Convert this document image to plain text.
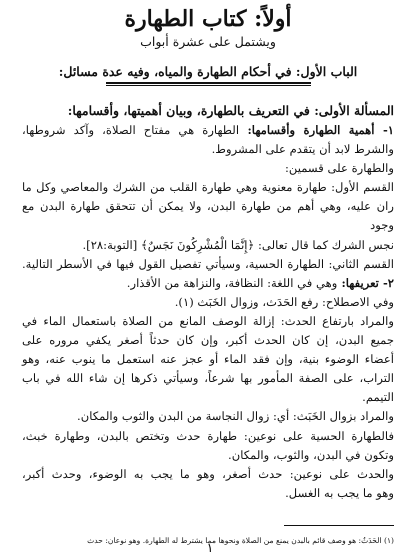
أولاً: كتاب الطهارة

ويشتمل على عشرة أبواب

الباب الأول: في أحكام الطهارة والمياه، وفيه عدة مسائل:

المسألة الأولى: في التعريف بالطهارة، وبيان أهميتها، وأقسامها:

١- أهمية الطهارة وأقسامها: الطهارة هي مفتاح الصلاة، وآكد شروطها،

والشرط لابد أن يتقدم على المشروط.

والطهارة على قسمين:

القسم الأول: طهارة معنوية وهي طهارة القلب من الشرك والمعاصي وكل ما

ران عليه، وهي أهم من طهارة البدن، ولا يمكن أن تتحقق طهارة البدن مع وجود

نجس الشرك كما قال تعالى: ﴿إِنَّمَا الْمُشْرِكُونَ نَجَسٌ﴾ [التوبة:٢٨].

القسم الثاني: الطهارة الحسية، وسيأتي تفصيل القول فيها في الأسطر التالية.

٢- تعريفها: وهي في اللغة: النظافة، والنزاهة من الأقذار.

وفي الاصطلاح: رفع الحَدَث، وزوال الخَبَث (١).

والمراد بارتفاع الحدث: إزالة الوصف المانع من الصلاة باستعمال الماء في

جميع البدن، إن كان الحدث أكبر، وإن كان حدثاً أصغر يكفي مروره على

أعضاء الوضوء بنية، وإن فقد الماء أو عجز عنه استعمل ما ينوب عنه، وهو

التراب، على الصفة المأمور بها شرعاً، وسيأتي ذكرها إن شاء الله في باب التيمم.

والمراد بزوال الخَبَث: أي: زوال النجاسة من البدن والثوب والمكان.

فالطهارة الحسية على نوعين: طهارة حدث وتختص بالبدن، وطهارة خبث،

وتكون في البدن، والثوب، والمكان.

والحدث على نوعين: حدث أصغر، وهو ما يجب به الوضوء، وحدث أكبر،

وهو ما يجب به الغسل.

(١) الحَدَثُ: هو وصف قائم بالبدن يمنع من الصلاة ونحوها مما يشترط له الطهارة. وهو نوعان: حدث

١
